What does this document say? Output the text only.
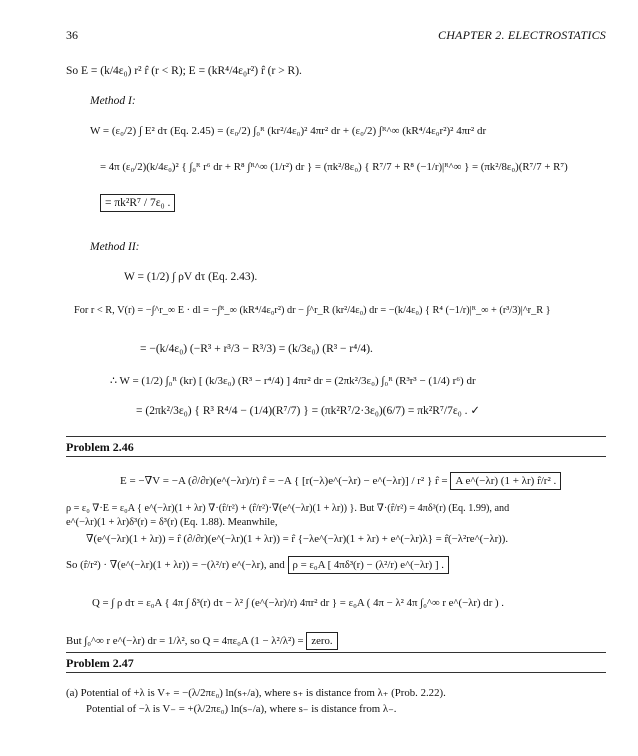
36	CHAPTER 2. ELECTROSTATICS
So E = (k/4ε₀) r² r̂ (r < R); E = (kR⁴/4ε₀r²) r̂ (r > R).
Method I:
W = (ε₀/2) ∫ E² dτ (Eq. 2.45) = (ε₀/2) ∫₀ᴿ (kr²/4ε₀)² 4πr² dr + (ε₀/2) ∫ᴿ^∞ (kR⁴/4ε₀r²)² 4πr² dr
= 4π (ε₀/2)(k/4ε₀)² { ∫₀ᴿ r⁶ dr + R⁸ ∫ᴿ^∞ (1/r²) dr } = (πk²/8ε₀) { R⁷/7 + R⁸ (−1/r)|ᴿ^∞ } = (πk²/8ε₀)(R⁷/7 + R⁷)
= πk²R⁷ / 7ε₀ .
Method II:
W = (1/2) ∫ ρV dτ (Eq. 2.43).
For r < R, V(r) = −∫^r_∞ E · dl = −∫ᴿ_∞ (kR⁴/4ε₀r²) dr − ∫^r_R (kr²/4ε₀) dr = −(k/4ε₀) { R⁴ (−1/r)|ᴿ_∞ + (r³/3)|^r_R }
= −(k/4ε₀) (−R³ + r³/3 − R³/3) = (k/3ε₀) (R³ − r⁴/4).
∴ W = (1/2) ∫₀ᴿ (kr) [ (k/3ε₀) (R³ − r⁴/4) ] 4πr² dr = (2πk²/3ε₀) ∫₀ᴿ (R³r³ − (1/4) r⁶) dr
= (2πk²/3ε₀) { R³ R⁴/4 − (1/4)(R⁷/7) } = (πk²R⁷/2·3ε₀)(6/7) = πk²R⁷/7ε₀ . ✓
Problem 2.46
E = −∇V = −A (∂/∂r)(e^(−λr)/r) r̂ = −A { [r(−λ)e^(−λr) − e^(−λr)] / r² } r̂ = A e^(−λr) (1 + λr) r̂/r² .
ρ = ε₀ ∇·E = ε₀A { e^(−λr)(1 + λr) ∇·(r̂/r²) + (r̂/r²)·∇(e^(−λr)(1 + λr)) }. But ∇·(r̂/r²) = 4πδ³(r) (Eq. 1.99), and
e^(−λr)(1 + λr)δ³(r) = δ³(r) (Eq. 1.88). Meanwhile,
∇(e^(−λr)(1 + λr)) = r̂ (∂/∂r)(e^(−λr)(1 + λr)) = r̂ {−λe^(−λr)(1 + λr) + e^(−λr)λ} = r̂(−λ²re^(−λr)).
So (r̂/r²) · ∇(e^(−λr)(1 + λr)) = −(λ²/r) e^(−λr), and ρ = ε₀A [ 4πδ³(r) − (λ²/r) e^(−λr) ] .
Q = ∫ ρ dτ = ε₀A { 4π ∫ δ³(r) dτ − λ² ∫ (e^(−λr)/r) 4πr² dr } = ε₀A ( 4π − λ² 4π ∫₀^∞ r e^(−λr) dr ) .
But ∫₀^∞ r e^(−λr) dr = 1/λ², so Q = 4πε₀A (1 − λ²/λ²) = zero.
Problem 2.47
(a) Potential of +λ is V₊ = −(λ/2πε₀) ln(s₊/a), where s₊ is distance from λ₊ (Prob. 2.22).
Potential of −λ is V₋ = +(λ/2πε₀) ln(s₋/a), where s₋ is distance from λ₋.
